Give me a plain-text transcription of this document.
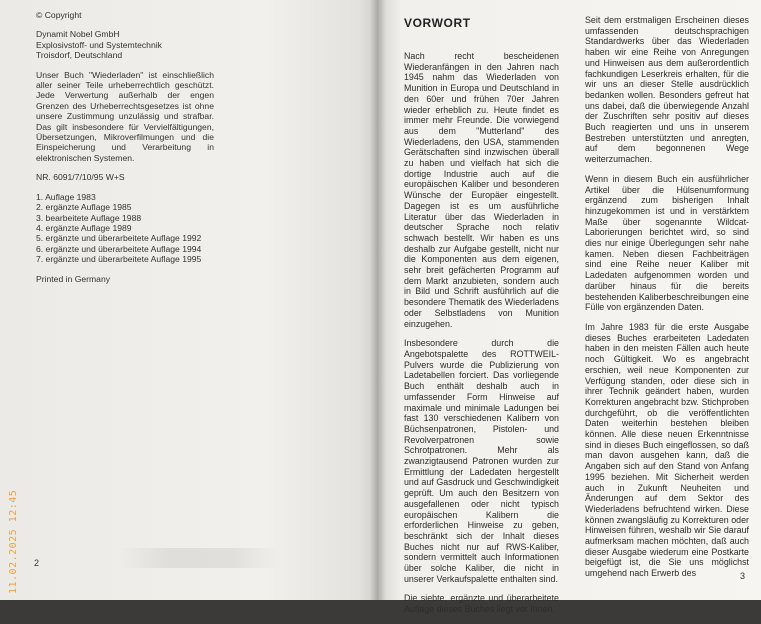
© Copyright
Dynamit Nobel GmbH
Explosivstoff- und Systemtechnik
Troisdorf, Deutschland
Unser Buch "Wiederladen" ist einschließlich aller seiner Teile urheberrechtlich geschützt. Jede Verwertung außerhalb der engen Grenzen des Urheberrechtsgesetzes ist ohne unsere Zustimmung unzulässig und strafbar. Das gilt insbesondere für Vervielfältigungen, Übersetzungen, Mikroverfilmungen und die Einspeicherung und Verarbeitung in elektronischen Systemen.
NR. 6091/7/10/95 W+S
1. Auflage 1983
2. ergänzte Auflage 1985
3. bearbeitete Auflage 1988
4. ergänzte Auflage 1989
5. ergänzte und überarbeitete Auflage 1992
6. ergänzte und überarbeitete Auflage 1994
7. ergänzte und überarbeitete Auflage 1995
Printed in Germany
11.02.2025 12:45 2
VORWORT

Nach recht bescheidenen Wiederanfängen in den Jahren nach 1945 nahm das Wiederladen von Munition in Europa und Deutschland in den 60er und frühen 70er Jahren wieder erheblich zu. Heute findet es immer mehr Freunde. Die vorwiegend aus dem "Mutterland" des Wiederladens, den USA, stammenden Gerätschaften sind inzwischen überall zu haben und vielfach hat sich die dortige Industrie auch auf die europäischen Kaliber und besonderen Wünsche der Europäer eingestellt. Dagegen ist es um ausführliche Literatur über das Wiederladen in deutscher Sprache noch relativ schwach bestellt. Wir haben es uns deshalb zur Aufgabe gestellt, nicht nur die Komponenten aus dem eigenen, sehr breit gefächerten Programm auf dem Markt anzubieten, sondern auch in Bild und Schrift ausführlich auf die besondere Thematik des Wiederladens oder Selbstladens von Munition einzugehen.

Insbesondere durch die Angebotspalette des ROTTWEIL-Pulvers wurde die Publizierung von Ladetabellen forciert. Das vorliegende Buch enthält deshalb auch in umfassender Form Hinweise auf maximale und minimale Ladungen bei fast 130 verschiedenen Kalibern von Büchsenpatronen, Pistolen- und Revolverpatronen sowie Schrotpatronen. Mehr als zwanzigtausend Patronen wurden zur Ermittlung der Ladedaten hergestellt und auf Gasdruck und Geschwindigkeit geprüft. Um auch den Besitzern von ausgefallenen oder nicht typisch europäischen Kalibern die erforderlichen Hinweise zu geben, beschränkt sich der Inhalt dieses Buches nicht nur auf RWS-Kaliber, sondern vermittelt auch Informationen über solche Kaliber, die nicht in unserer Verkaufspalette enthalten sind.

Die siebte, ergänzte und überarbeitete Auflage dieses Buches liegt vor Ihnen.

Seit dem erstmaligen Erscheinen dieses umfassenden deutschsprachigen Standardwerks über das Wiederladen haben wir eine Reihe von Anregungen und Hinweisen aus dem außerordentlich fachkundigen Leserkreis erhalten, für die wir uns an dieser Stelle ausdrücklich bedanken wollen. Besonders gefreut hat uns dabei, daß die überwiegende Anzahl der Zuschriften sehr positiv auf dieses Buch reagierten und uns in unserem Bestreben unterstützten und anregten, auf dem begonnenen Wege weiterzumachen.

Wenn in diesem Buch ein ausführlicher Artikel über die Hülsenumformung ergänzend zum bisherigen Inhalt hinzugekommen ist und in verstärktem Maße über sogenannte Wildcat-Laborierungen berichtet wird, so sind dies nur einige Überlegungen sehr nahe kamen. Neben diesen Fachbeiträgen sind eine Reihe neuer Kaliber mit Ladedaten aufgenommen worden und darüber hinaus für die bereits bestehenden Kaliberbeschreibungen eine Fülle von ergänzenden Daten.

Im Jahre 1983 für die erste Ausgabe dieses Buches erarbeiteten Ladedaten haben in den meisten Fällen auch heute noch Gültigkeit. Wo es angebracht erschien, weil neue Komponenten zur Verfügung standen, oder diese sich in ihrer Technik geändert haben, wurden Korrekturen angebracht bzw. Stichproben durchgeführt, ob die veröffentlichten Daten weiterhin bestehen bleiben können. Alle diese neuen Erkenntnisse sind in dieses Buch eingeflossen, so daß man davon ausgehen kann, daß die Angaben sich auf den Stand von Anfang 1995 beziehen. Mit Sicherheit werden auch in Zukunft Neuheiten und Änderungen auf dem Sektor des Wiederladens befruchtend wirken. Diese können zwangsläufig zu Korrekturen oder Hinweisen führen, weshalb wir Sie darauf aufmerksam machen möchten, daß auch dieser Ausgabe wiederum eine Postkarte beigefügt ist, die Sie uns möglichst umgehend nach Erwerb des	3
